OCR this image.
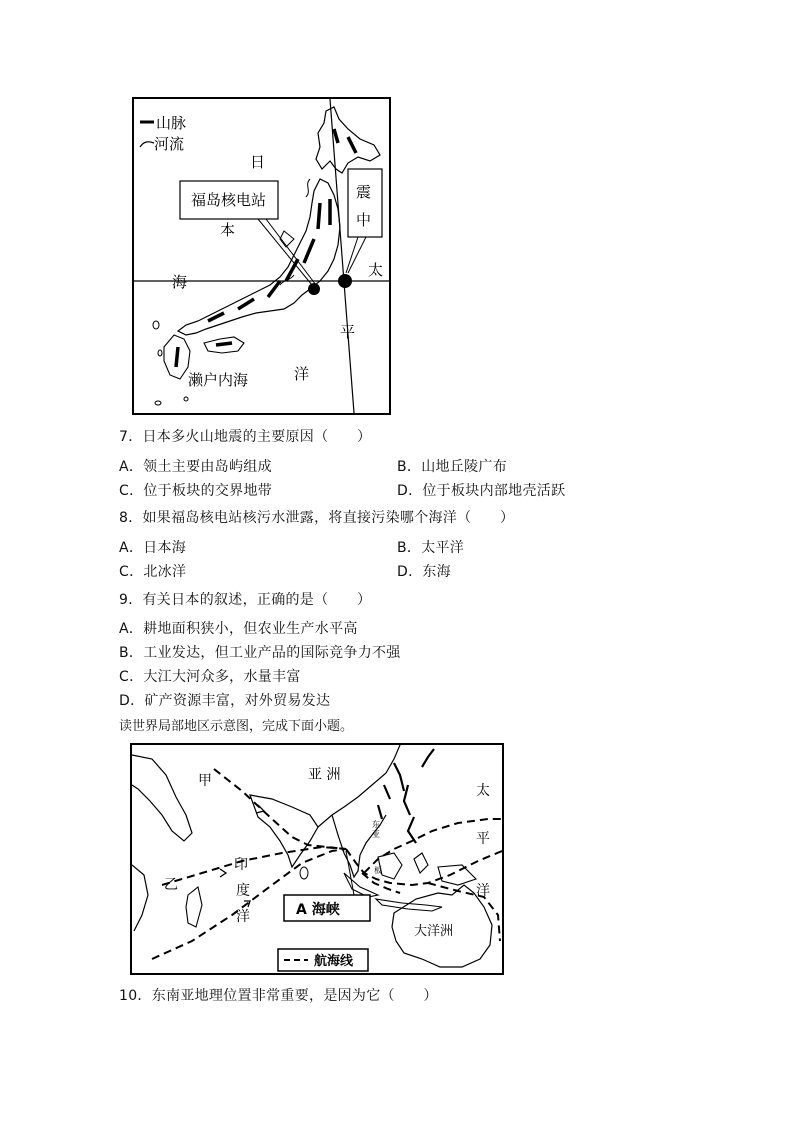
山脉
河流
日
本
海
福岛核电站	震
中
太
平
洋
濑户内海
7．日本多火山地震的主要原因（　　）
A．领土主要由岛屿组成	B．山地丘陵广布
C．位于板块的交界地带	D．位于板块内部地壳活跃
8．如果福岛核电站核污水泄露，将直接污染哪个海洋（　　）
A．日本海	B．太平洋
C．北冰洋	D．东海
9．有关日本的叙述，正确的是（　　）
A．耕地面积狭小，但农业生产水平高
B．工业发达，但工业产品的国际竞争力不强
C．大江大河众多，水量丰富
D．矿产资源丰富，对外贸易发达
读世界局部地区示意图，完成下面小题。
甲	亚 洲
太
平
洋
印
度
洋
乙
东
亚
板
A 海峡
大洋洲
航海线
10．东南亚地理位置非常重要，是因为它（　　）
